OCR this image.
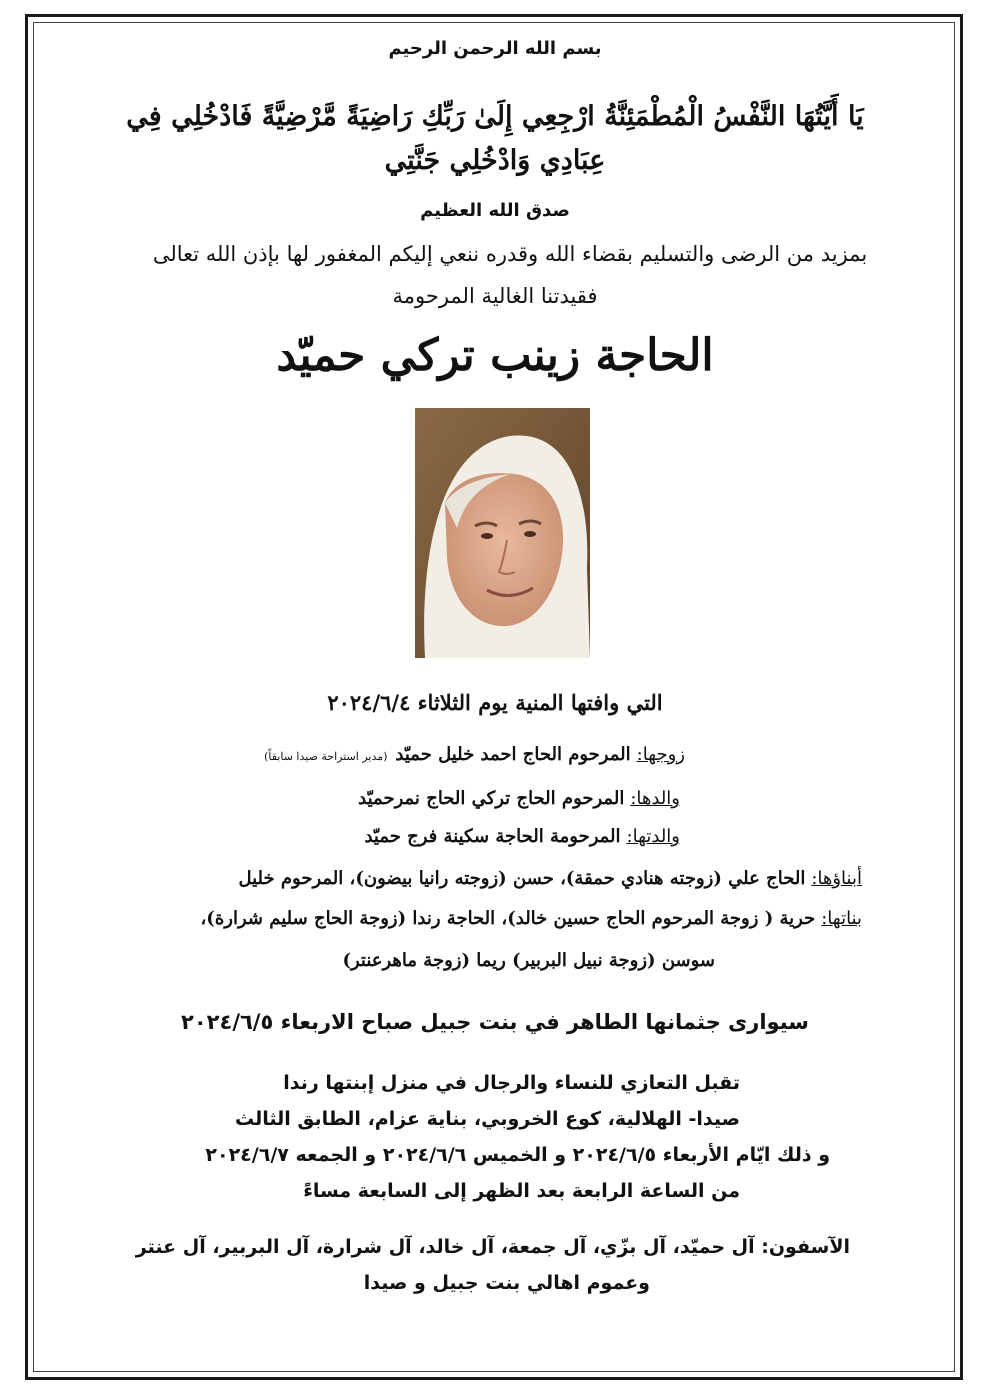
بسم الله الرحمن الرحيم
يَا أَيَّتُهَا النَّفْسُ الْمُطْمَئِنَّةُ ارْجِعِي إِلَىٰ رَبِّكِ رَاضِيَةً مَّرْضِيَّةً فَادْخُلِي فِي عِبَادِي وَادْخُلِي جَنَّتِي
صدق الله العظيم
بمزيد من الرضى والتسليم بقضاء الله وقدره ننعي إليكم المغفور لها بإذن الله تعالى
فقيدتنا الغالية المرحومة
الحاجة زينب تركي حميّد
التي وافتها المنية يوم الثلاثاء ٢٠٢٤/٦/٤
زوجها:المرحوم الحاج احمد خليل حميّد(مدير استراحة صيدا سابقاً)
والدها:المرحوم الحاج تركي الحاج نمرحميّد
والدتها:المرحومة الحاجة سكينة فرج حميّد
أبناؤها:الحاج علي (زوجته هنادي حمقة)، حسن (زوجته رانيا بيضون)، المرحوم خليل
بناتها:حرية ( زوجة المرحوم الحاج حسين خالد)، الحاجة رندا (زوجة الحاج سليم شرارة)،
سوسن (زوجة نبيل البربير) ريما (زوجة ماهرعنتر)
سيوارى جثمانها الطاهر في بنت جبيل صباح الاربعاء ٢٠٢٤/٦/٥
تقبل التعازي للنساء والرجال في منزل إبنتها رندا
صيدا- الهلالية، كوع الخروبي، بناية عزام، الطابق الثالث
و ذلك ايّام الأربعاء ٢٠٢٤/٦/٥ و الخميس ٢٠٢٤/٦/٦ و الجمعه ٢٠٢٤/٦/٧
من الساعة الرابعة بعد الظهر إلى السابعة مساءً
الآسفون: آل حميّد، آل بزّي، آل جمعة، آل خالد، آل شرارة، آل البربير، آل عنتر
وعموم اهالي بنت جبيل و صيدا
